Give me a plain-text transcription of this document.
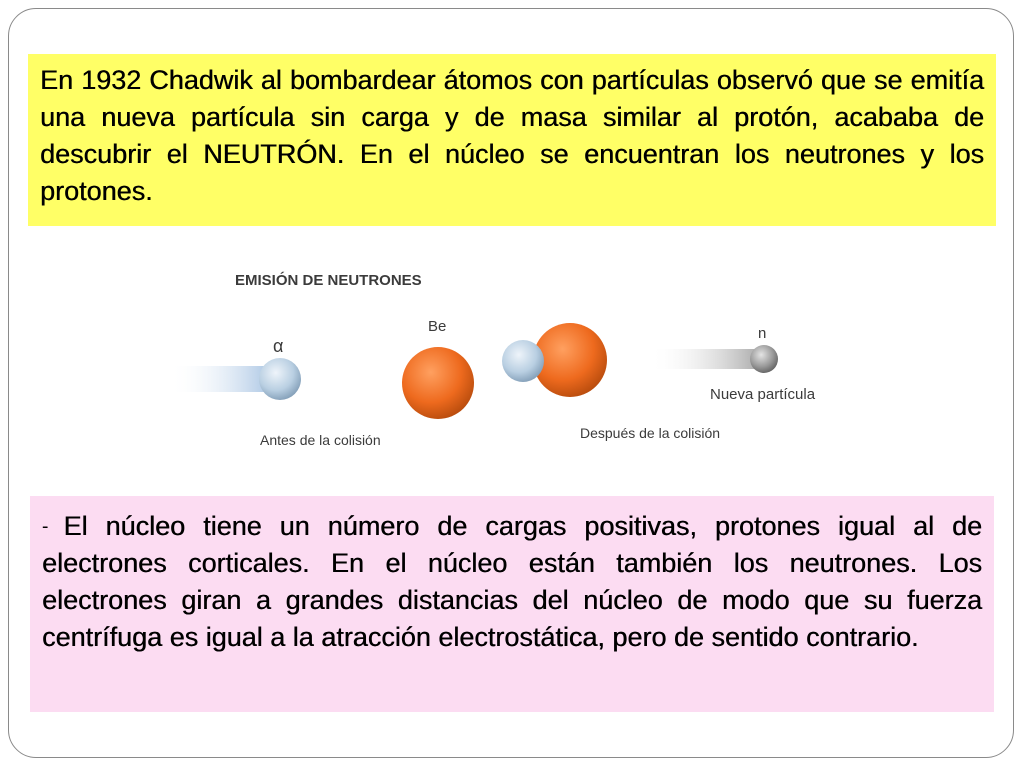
En 1932 Chadwik al bombardear átomos con partículas observó que se emitía una nueva partícula sin carga y de masa similar al protón, acababa de descubrir el NEUTRÓN. En el núcleo se encuentran los neutrones y los protones.

EMISIÓN DE NEUTRONES
α
Be
Antes de la colisión	Después de la colisión
n
Nueva partícula

- El núcleo tiene un número de cargas positivas, protones igual al de electrones corticales. En el núcleo están también los neutrones. Los electrones giran a grandes distancias del núcleo de modo que su fuerza centrífuga es igual a la atracción electrostática, pero de sentido contrario.
